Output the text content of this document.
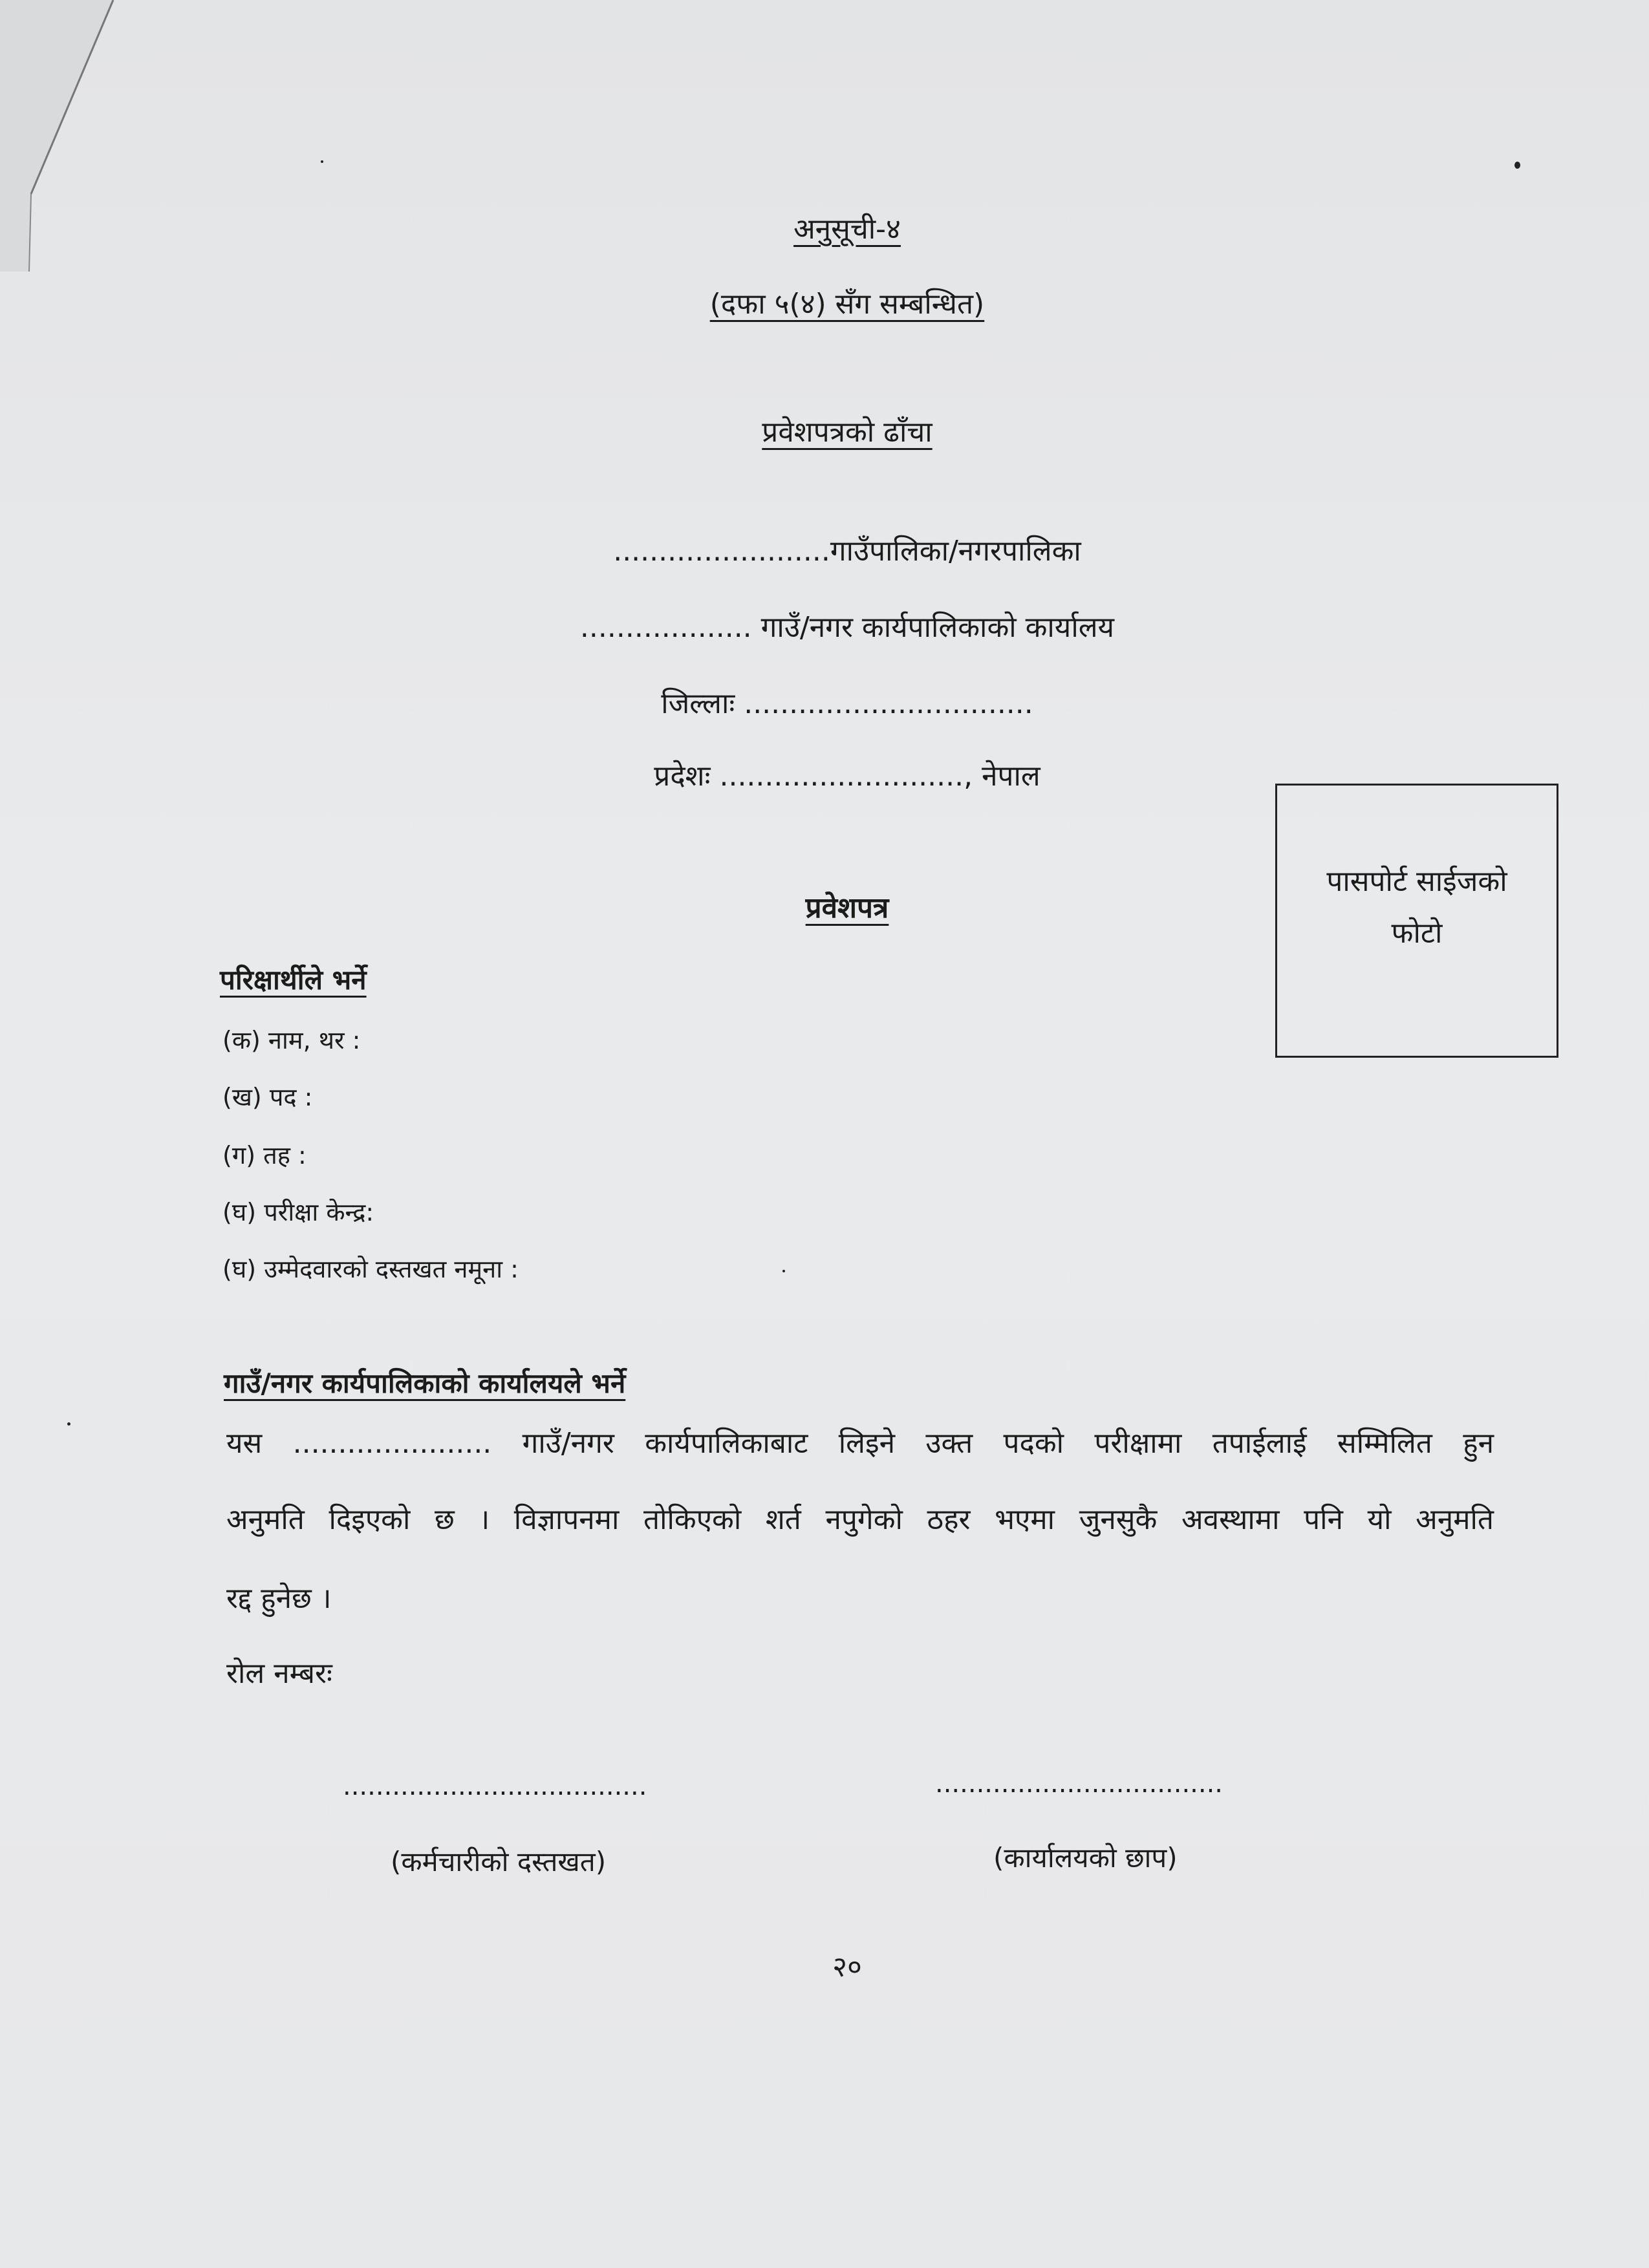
अनुसूची-४
(दफा ५(४) सँग सम्बन्धित)
प्रवेशपत्रको ढाँचा
........................गाउँपालिका/नगरपालिका
................... गाउँ/नगर कार्यपालिकाको कार्यालय
जिल्लाः ................................
प्रदेशः ..........................., नेपाल
पासपोर्ट साईजको
फोटो
प्रवेशपत्र
परिक्षार्थीले भर्ने
(क) नाम, थर :
(ख) पद :
(ग) तह :
(घ) परीक्षा केन्द्र:
(घ) उम्मेदवारको दस्तखत नमूना :
गाउँ/नगर कार्यपालिकाको कार्यालयले भर्ने
यस ...................... गाउँ/नगर कार्यपालिकाबाट लिइने उक्त पदको परीक्षामा तपाईलाई सम्मिलित हुन
अनुमति दिइएको छ । विज्ञापनमा तोकिएको शर्त नपुगेको ठहर भएमा जुनसुकै अवस्थामा पनि यो अनुमति
रद्द हुनेछ ।
रोल नम्बरः
.....................................	...................................
(कर्मचारीको दस्तखत)	(कार्यालयको छाप)
२०
